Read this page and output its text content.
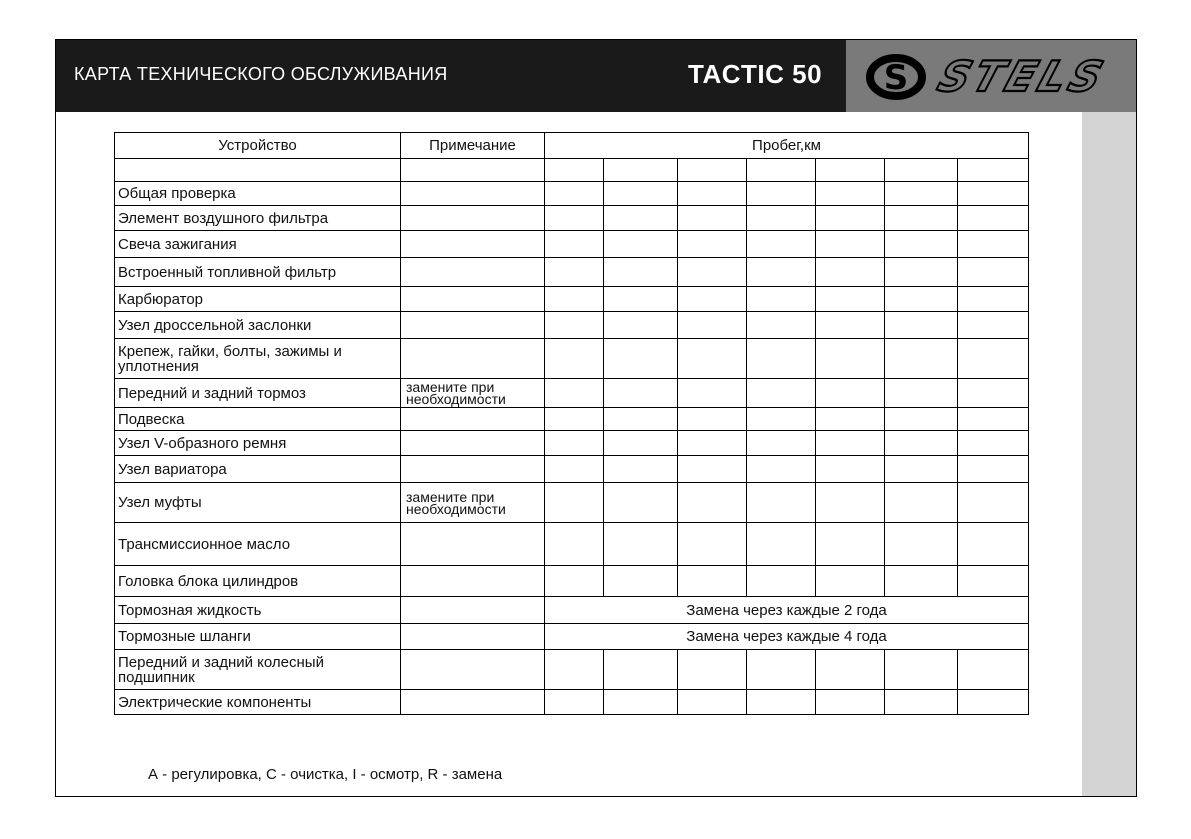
КАРТА ТЕХНИЧЕСКОГО ОБСЛУЖИВАНИЯ	TACTIC 50 S STELS
Устройство	Примечание	Пробег,км						

Общая проверка								
Элемент воздушного фильтра								
Свеча зажигания								
Встроенный топливной фильтр								
Карбюратор								
Узел дроссельной заслонки								
Крепеж, гайки, болты, зажимы и уплотнения								
Передний и задний тормоз	замените при необходимости							
Подвеска								
Узел V-образного ремня								
Узел вариатора								
Узел муфты	замените при необходимости							
Трансмиссионное масло								
Головка блока цилиндров								
Тормозная жидкость		Замена через каждые 2 года						
Тормозные шланги		Замена через каждые 4 года						
Передний и задний колесный подшипник								
Электрические компоненты								
А - регулировка, С - очистка, I - осмотр, R - замена
